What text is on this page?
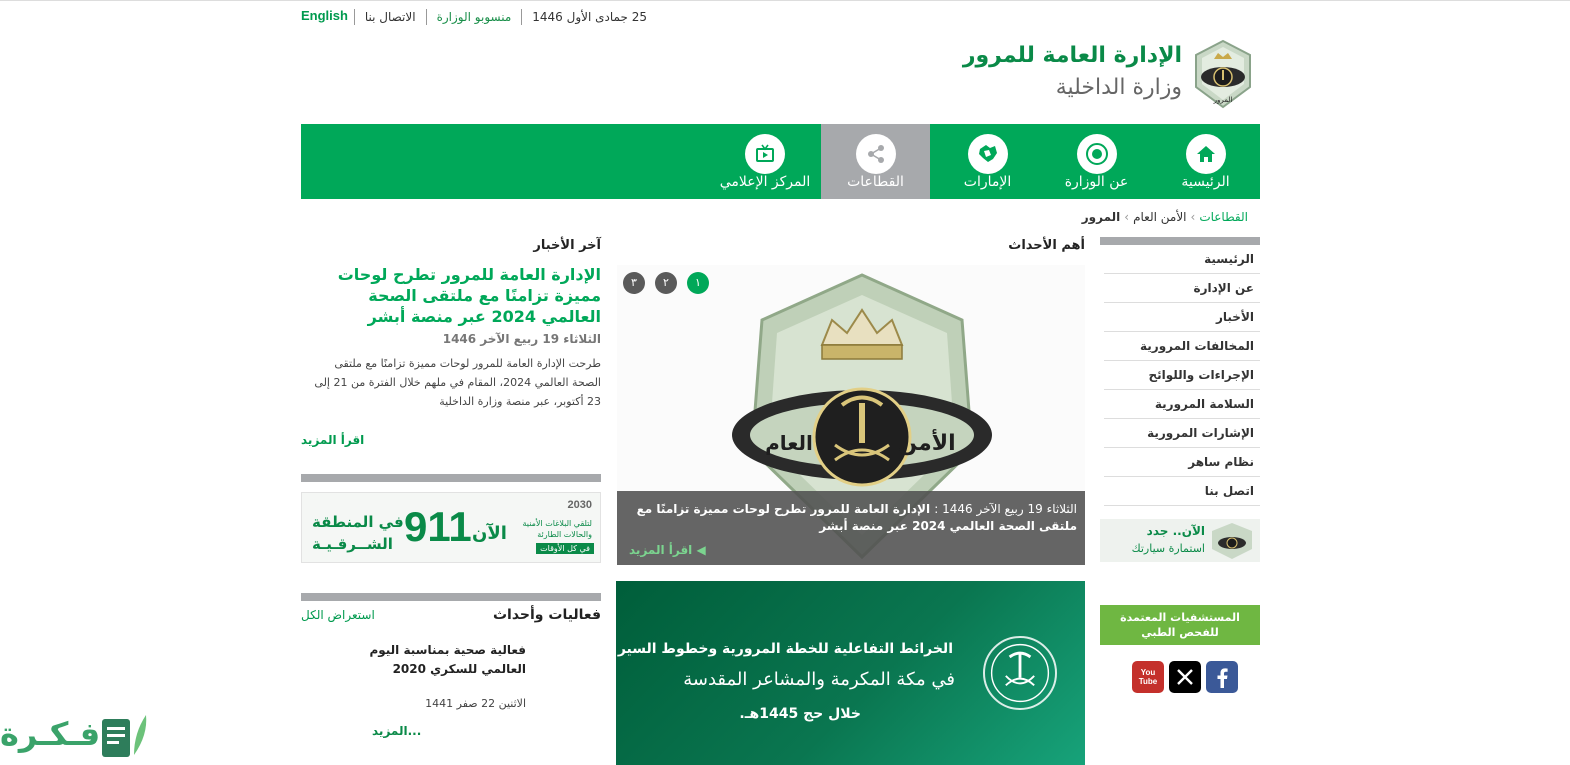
25 جمادى الأول 1446
منسوبو الوزارة
الاتصال بنا
English
المرور
الإدارة العامة للمرور
وزارة الداخلية
الرئيسية
عن الوزارة
الإمارات
القطاعات
المركز الإعلامي
القطاعات›الأمن العام›المرور
الرئيسية
عن الإدارة
الأخبار
المخالفات المرورية
الإجراءات واللوائح
السلامة المرورية
الإشارات المرورية
نظام ساهر
اتصل بنا
الآن.. جدد
استمارة سيارتك
المستشفيات المعتمدة
للفحص الطبي
You Tube
أهم الأحداث
الأمن
العام
١
٢
٣
الثلاثاء 19 ربيع الآخر 1446 : الإدارة العامة للمرور تطرح لوحات مميزة تزامنًا مع ملتقى الصحة العالمي 2024 عبر منصة أبشر
◀ اقرأ المزيد
الخرائط التفاعلية للخطة المرورية وخطوط السير
في مكة المكرمة والمشاعر المقدسة
خلال حج 1445هـ.
آخر الأخبار
الإدارة العامة للمرور تطرح لوحات مميزة تزامنًا مع ملتقى الصحة العالمي 2024 عبر منصة أبشر
الثلاثاء 19 ربيع الآخر 1446
طرحت الإدارة العامة للمرور لوحات مميزة تزامنًا مع ملتقى الصحة العالمي 2024، المقام في ملهم خلال الفترة من 21 إلى 23 أكتوبر، عبر منصة وزارة الداخلية
اقرأ المزيد
في المنطقة
الشــرقـيـة 911 الآن
2030
لتلقي البلاغات الأمنية
والحالات الطارئة
في كل الأوقات
فعاليات وأحداث
استعراض الكل
فعالية صحية بمناسبة اليوم العالمي للسكري 2020
الاثنين 22 صفر 1441
المزيد...
فـكـرة
